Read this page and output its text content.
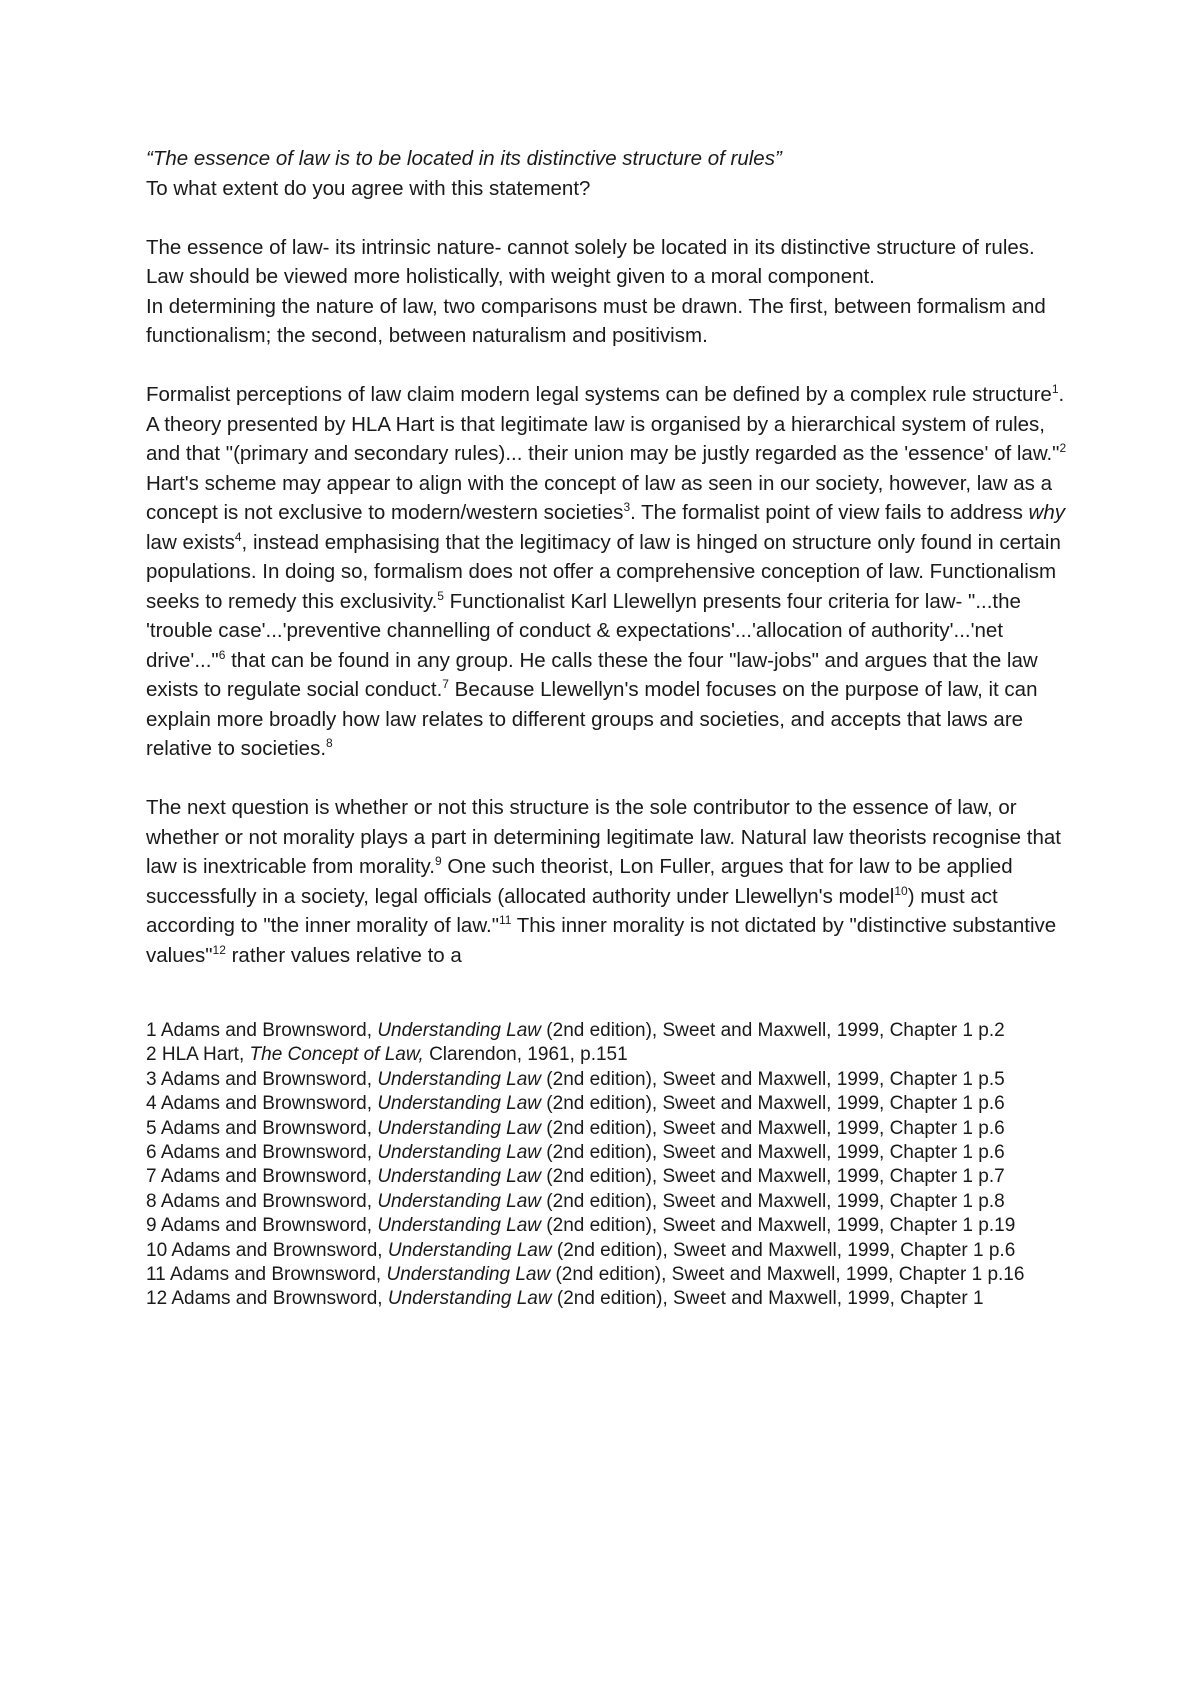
“The essence of law is to be located in its distinctive structure of rules”

To what extent do you agree with this statement?

The essence of law- its intrinsic nature- cannot solely be located in its distinctive structure of rules. Law should be viewed more holistically, with weight given to a moral component.

In determining the nature of law, two comparisons must be drawn. The first, between formalism and functionalism; the second, between naturalism and positivism.

Formalist perceptions of law claim modern legal systems can be defined by a complex rule structure$^1$. A theory presented by HLA Hart is that legitimate law is organised by a hierarchical system of rules, and that "(primary and secondary rules)... their union may be justly regarded as the 'essence' of law."$^2$ Hart's scheme may appear to align with the concept of law as seen in our society, however, law as a concept is not exclusive to modern/western societies$^3$. The formalist point of view fails to address why law exists$^4$, instead emphasising that the legitimacy of law is hinged on structure only found in certain populations. In doing so, formalism does not offer a comprehensive conception of law. Functionalism seeks to remedy this exclusivity.$^5$ Functionalist Karl Llewellyn presents four criteria for law- "...the 'trouble case'...'preventive channelling of conduct & expectations'...'allocation of authority'...'net drive'..."$^6$ that can be found in any group. He calls these the four "law-jobs" and argues that the law exists to regulate social conduct.$^7$ Because Llewellyn's model focuses on the purpose of law, it can explain more broadly how law relates to different groups and societies, and accepts that laws are relative to societies.$^8$

The next question is whether or not this structure is the sole contributor to the essence of law, or whether or not morality plays a part in determining legitimate law. Natural law theorists recognise that law is inextricable from morality.$^9$ One such theorist, Lon Fuller, argues that for law to be applied successfully in a society, legal officials (allocated authority under Llewellyn's model$^{10}$) must act according to "the inner morality of law."$^{11}$ This inner morality is not dictated by "distinctive substantive values"$^{12}$ rather values relative to a

1 Adams and Brownsword, Understanding Law (2nd edition), Sweet and Maxwell, 1999, Chapter 1 p.2

2 HLA Hart, The Concept of Law, Clarendon, 1961, p.151

3 Adams and Brownsword, Understanding Law (2nd edition), Sweet and Maxwell, 1999, Chapter 1 p.5

4 Adams and Brownsword, Understanding Law (2nd edition), Sweet and Maxwell, 1999, Chapter 1 p.6

5 Adams and Brownsword, Understanding Law (2nd edition), Sweet and Maxwell, 1999, Chapter 1 p.6

6 Adams and Brownsword, Understanding Law (2nd edition), Sweet and Maxwell, 1999, Chapter 1 p.6

7 Adams and Brownsword, Understanding Law (2nd edition), Sweet and Maxwell, 1999, Chapter 1 p.7

8 Adams and Brownsword, Understanding Law (2nd edition), Sweet and Maxwell, 1999, Chapter 1 p.8

9 Adams and Brownsword, Understanding Law (2nd edition), Sweet and Maxwell, 1999, Chapter 1 p.19

10 Adams and Brownsword, Understanding Law (2nd edition), Sweet and Maxwell, 1999, Chapter 1 p.6

11 Adams and Brownsword, Understanding Law (2nd edition), Sweet and Maxwell, 1999, Chapter 1 p.16

12 Adams and Brownsword, Understanding Law (2nd edition), Sweet and Maxwell, 1999, Chapter 1
